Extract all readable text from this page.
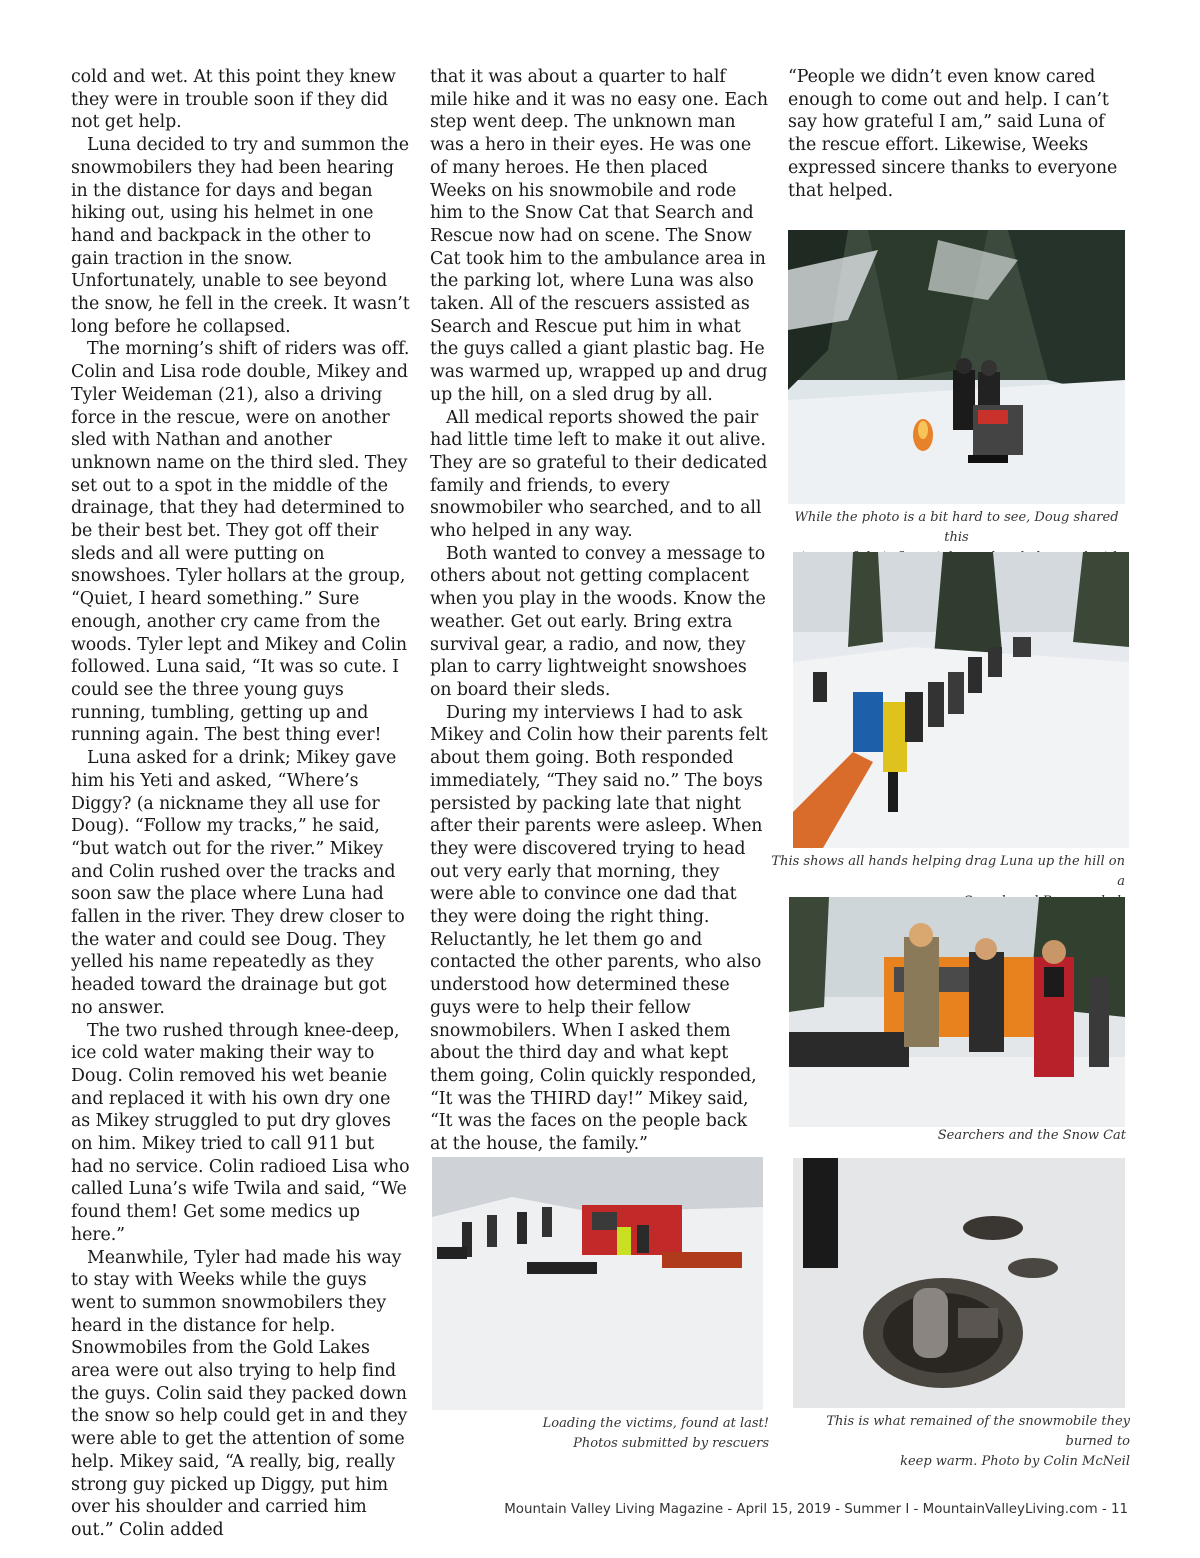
cold and wet. At this point they knew they were in trouble soon if they did not get help.

Luna decided to try and summon the snowmobilers they had been hearing in the distance for days and began hiking out, using his helmet in one hand and backpack in the other to gain traction in the snow. Unfortunately, unable to see beyond the snow, he fell in the creek. It wasn’t long before he collapsed.

The morning’s shift of riders was off. Colin and Lisa rode double, Mikey and Tyler Weideman (21), also a driving force in the rescue, were on another sled with Nathan and another unknown name on the third sled. They set out to a spot in the middle of the drainage, that they had determined to be their best bet. They got off their sleds and all were putting on snowshoes. Tyler hollars at the group, “Quiet, I heard something.” Sure enough, another cry came from the woods. Tyler lept and Mikey and Colin followed. Luna said, “It was so cute. I could see the three young guys running, tumbling, getting up and running again. The best thing ever!

Luna asked for a drink; Mikey gave him his Yeti and asked, “Where’s Diggy? (a nickname they all use for Doug). “Follow my tracks,” he said, “but watch out for the river.” Mikey and Colin rushed over the tracks and soon saw the place where Luna had fallen in the river. They drew closer to the water and could see Doug. They yelled his name repeatedly as they headed toward the drainage but got no answer.

The two rushed through knee-deep, ice cold water making their way to Doug. Colin removed his wet beanie and replaced it with his own dry one as Mikey struggled to put dry gloves on him. Mikey tried to call 911 but had no service. Colin radioed Lisa who called Luna’s wife Twila and said, “We found them! Get some medics up here.”

Meanwhile, Tyler had made his way to stay with Weeks while the guys went to summon snowmobilers they heard in the distance for help. Snowmobiles from the Gold Lakes area were out also trying to help find the guys. Colin said they packed down the snow so help could get in and they were able to get the attention of some help. Mikey said, “A really, big, really strong guy picked up Diggy, put him over his shoulder and carried him out.” Colin added

that it was about a quarter to half mile hike and it was no easy one. Each step went deep. The unknown man was a hero in their eyes. He was one of many heroes. He then placed Weeks on his snowmobile and rode him to the Snow Cat that Search and Rescue now had on scene. The Snow Cat took him to the ambulance area in the parking lot, where Luna was also taken. All of the rescuers assisted as Search and Rescue put him in what the guys called a giant plastic bag. He was warmed up, wrapped up and drug up the hill, on a sled drug by all.

All medical reports showed the pair had little time left to make it out alive. They are so grateful to their dedicated family and friends, to every snowmobiler who searched, and to all who helped in any way.

Both wanted to convey a message to others about not getting complacent when you play in the woods. Know the weather. Get out early. Bring extra survival gear, a radio, and now, they plan to carry lightweight snowshoes on board their sleds.

During my interviews I had to ask Mikey and Colin how their parents felt about them going. Both responded immediately, “They said no.” The boys persisted by packing late that night after their parents were asleep. When they were discovered trying to head out very early that morning, they were able to convince one dad that they were doing the right thing. Reluctantly, he let them go and contacted the other parents, who also understood how determined these guys were to help their fellow snowmobilers. When I asked them about the third day and what kept them going, Colin quickly responded, “It was the THIRD day!” Mikey said, “It was the faces on the people back at the house, the family.”

“People we didn’t even know cared enough to come out and help. I can’t say how grateful I am,” said Luna of the rescue effort. Likewise, Weeks expressed sincere thanks to everyone that helped.

While the photo is a bit hard to see, Doug shared this
This shows all hands helping drag Luna up the hill on a
Searchers and the Snow Cat
Loading the victims, found at last!
Photos submitted by rescuers
This is what remained of the snowmobile they burned to
keep warm. Photo by Colin McNeil
Mountain Valley Living Magazine - April 15, 2019 - Summer I - MountainValleyLiving.com - 11
